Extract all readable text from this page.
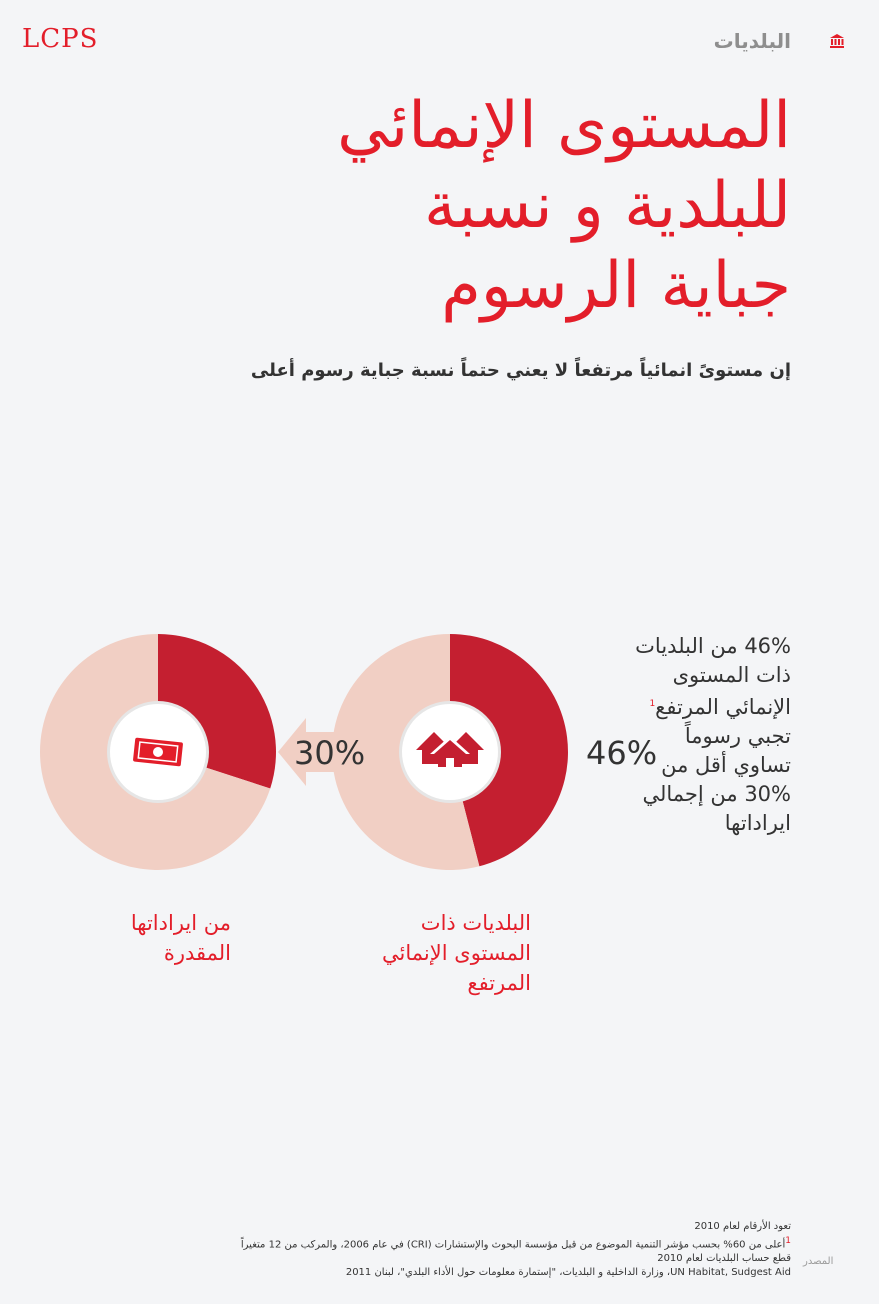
LCPS	البلديات
المستوى الإنمائي
للبلدية و نسبة
جباية الرسوم
إن مستوىً انمائياً مرتفعاً لا يعني حتماً نسبة جباية رسوم أعلى
46%
30%
46% من البلديات
ذات المستوى
الإنمائي المرتفع$^1$
تجبي رسوماً
تساوي أقل من
30% من إجمالي
ايراداتها
البلديات ذات
المستوى الإنمائي
المرتفع
من ايراداتها
المقدرة
تعود الأرقام لعام 2010
1أعلى من 60% بحسب مؤشر التنمية الموضوع من قبل مؤسسة البحوث والإستشارات (CRI) في عام 2006، والمركب من 12 متغيراً
قطع حساب البلديات لعام 2010
UN Habitat, Sudgest Aid، وزارة الداخلية و البلديات، "إستمارة معلومات حول الأداء البلدي"، لبنان 2011
المصدر
